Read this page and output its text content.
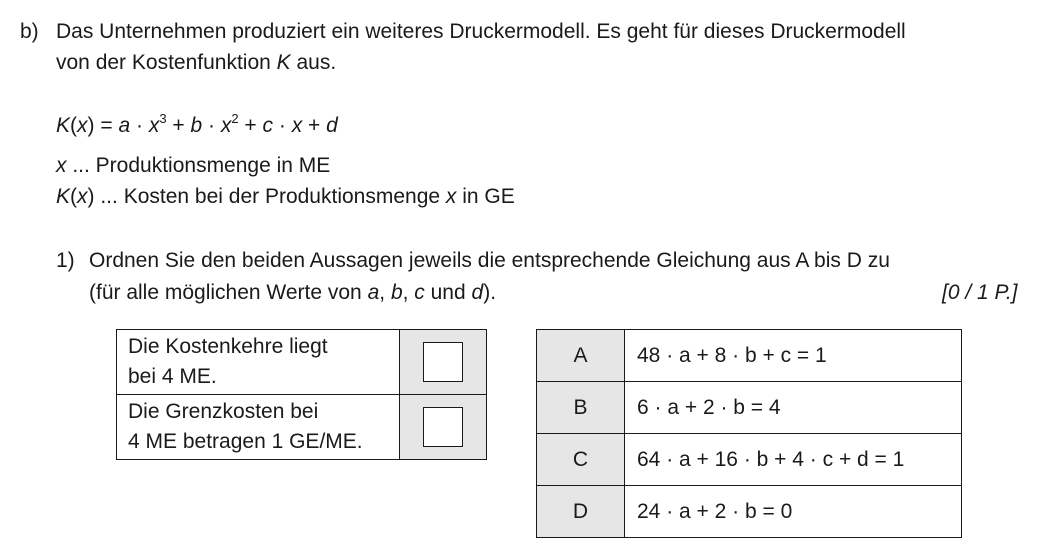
b) Das Unternehmen produziert ein weiteres Druckermodell. Es geht für dieses Druckermodell
von der Kostenfunktion K aus.
$K(x) = a \cdot x^3 + b \cdot x^2 + c \cdot x + d$
x ... Produktionsmenge in ME
K(x) ... Kosten bei der Produktionsmenge x in GE
1) Ordnen Sie den beiden Aussagen jeweils die entsprechende Gleichung aus A bis D zu
(für alle möglichen Werte von a, b, c und d).	[0 / 1 P.]
Die Kostenkehre liegt
bei 4 ME.	
Die Grenzkosten bei
4 ME betragen 1 GE/ME.	
A	48 · a + 8 · b + c = 1
B	6 · a + 2 · b = 4
C	64 · a + 16 · b + 4 · c + d = 1
D	24 · a + 2 · b = 0
